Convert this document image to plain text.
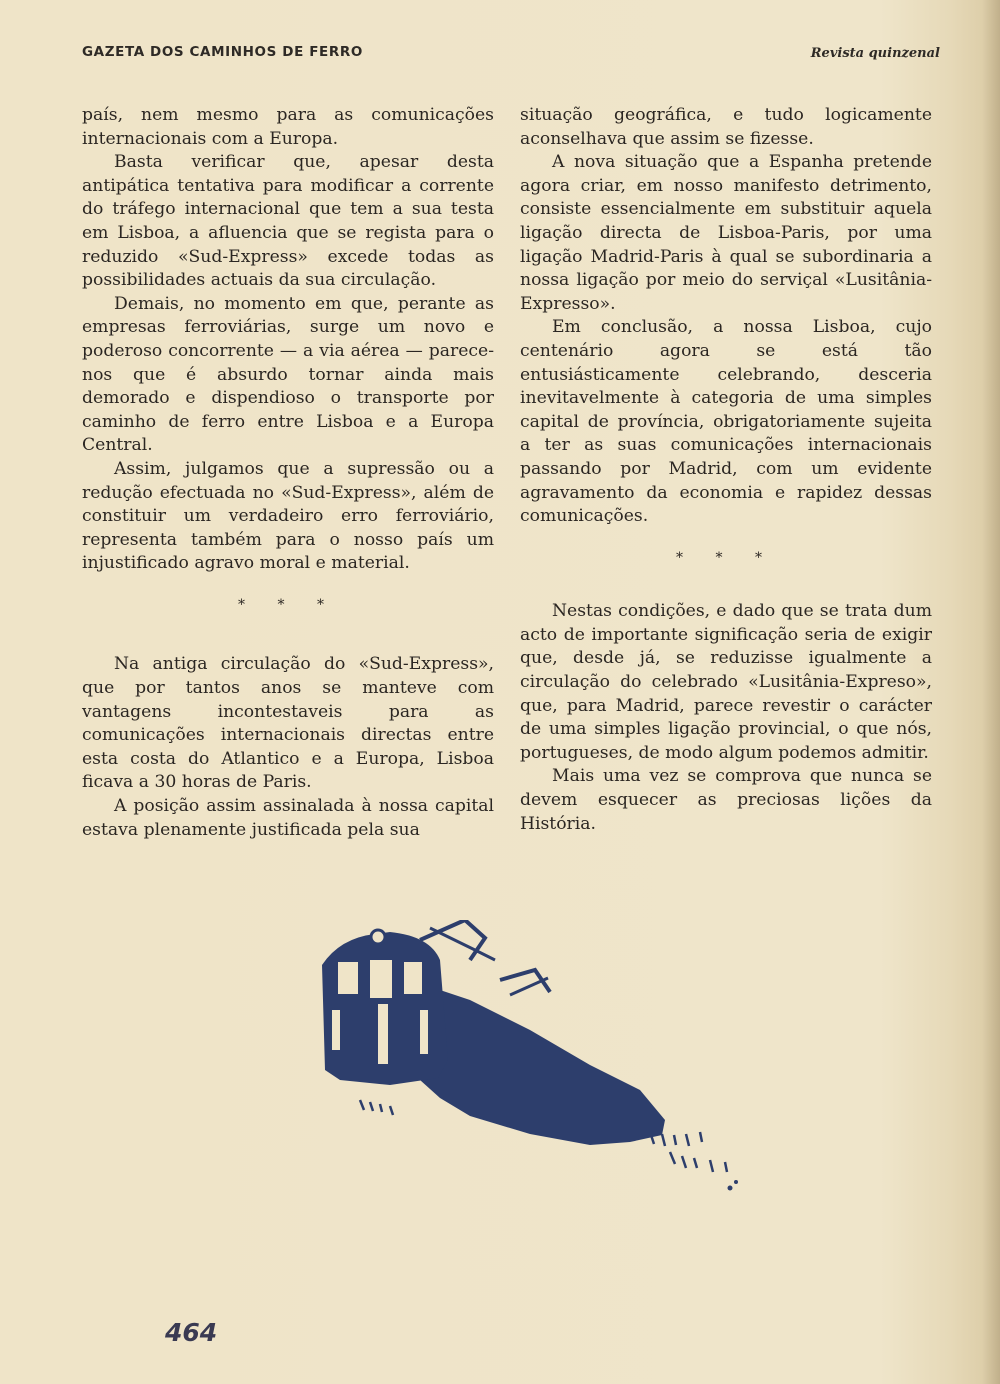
GAZETA DOS CAMINHOS DE FERRO	Revista quinzenal

país, nem mesmo para as comunicações internacionais com a Europa.

Basta verificar que, apesar desta antipática tentativa para modificar a corrente do tráfego internacional que tem a sua testa em Lisboa, a afluencia que se regista para o reduzido «Sud-Express» excede todas as possibilidades actuais da sua circulação.

Demais, no momento em que, perante as empresas ferroviárias, surge um novo e poderoso concorrente — a via aérea — parece-nos que é absurdo tornar ainda mais demorado e dispendioso o transporte por caminho de ferro entre Lisboa e a Europa Central.

Assim, julgamos que a supressão ou a redução efectuada no «Sud-Express», além de constituir um verdadeiro erro ferroviário, representa também para o nosso país um injustificado agravo moral e material.

* * *

Na antiga circulação do «Sud-Express», que por tantos anos se manteve com vantagens incontestaveis para as comunicações internacionais directas entre esta costa do Atlantico e a Europa, Lisboa ficava a 30 horas de Paris.

A posição assim assinalada à nossa capital estava plenamente justificada pela sua

situação geográfica, e tudo logicamente aconselhava que assim se fizesse.

A nova situação que a Espanha pretende agora criar, em nosso manifesto detrimento, consiste essencialmente em substituir aquela ligação directa de Lisboa-Paris, por uma ligação Madrid-Paris à qual se subordinaria a nossa ligação por meio do serviçal «Lusitânia-Expresso».

Em conclusão, a nossa Lisboa, cujo centenário agora se está tão entusiásticamente celebrando, desceria inevitavelmente à categoria de uma simples capital de província, obrigatoriamente sujeita a ter as suas comunicações internacionais passando por Madrid, com um evidente agravamento da economia e rapidez dessas comunicações.

* * *

Nestas condições, e dado que se trata dum acto de importante significação seria de exigir que, desde já, se reduzisse igualmente a circulação do celebrado «Lusitânia-Expreso», que, para Madrid, parece revestir o carácter de uma simples ligação provincial, o que nós, portugueses, de modo algum podemos admitir.

Mais uma vez se comprova que nunca se devem esquecer as preciosas lições da História.

464
